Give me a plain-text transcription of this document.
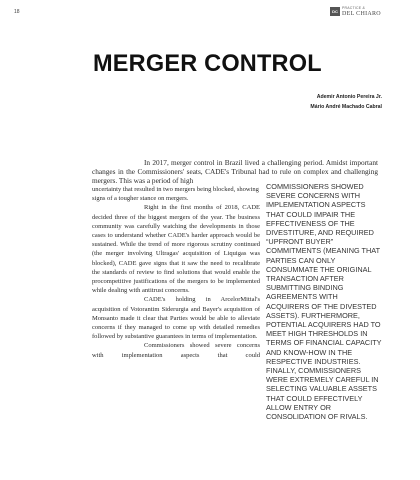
18	DC
PRACTICE &
DEL CHIARO
MERGER CONTROL
Ademir Antonio Pereira Jr.
Mário André Machado Cabral

In 2017, merger control in Brazil lived a challenging period. Amidst important changes in the Commissioners' seats, CADE's Tribunal had to rule on complex and challenging mergers. This was a period of high

uncertainty that resulted in two mergers being blocked, showing signs of a tougher stance on mergers.

Right in the first months of 2018, CADE decided three of the biggest mergers of the year. The business community was carefully watching the developments in those cases to understand whether CADE's harder approach would be sustained. While the trend of more rigorous scrutiny continued (the merger involving Ultragas' acquisition of Liquigas was blocked), CADE gave signs that it saw the need to recalibrate the standards of review to find solutions that would enable the procompetitive justifications of the mergers to be implemented while dealing with antitrust concerns.

CADE's holding in ArcelorMittal's acquisition of Votorantim Siderurgia and Bayer's acquisition of Monsanto made it clear that Parties would be able to alleviate concerns if they managed to come up with detailed remedies followed by substantive guarantees in terms of implementation.

Commissioners showed severe concerns with implementation aspects that could

COMMISSIONERS SHOWED SEVERE CONCERNS WITH IMPLEMENTATION ASPECTS THAT COULD IMPAIR THE EFFECTIVENESS OF THE DIVESTITURE, AND REQUIRED “UPFRONT BUYER” COMMITMENTS (MEANING THAT PARTIES CAN ONLY CONSUMMATE THE ORIGINAL TRANSACTION AFTER SUBMITTING BINDING AGREEMENTS WITH ACQUIRERS OF THE DIVESTED ASSETS). FURTHERMORE, POTENTIAL ACQUIRERS HAD TO MEET HIGH THRESHOLDS IN TERMS OF FINANCIAL CAPACITY AND KNOW-HOW IN THE RESPECTIVE INDUSTRIES. FINALLY, COMMISSIONERS WERE EXTREMELY CAREFUL IN SELECTING VALUABLE ASSETS THAT COULD EFFECTIVELY ALLOW ENTRY OR CONSOLIDATION OF RIVALS.
